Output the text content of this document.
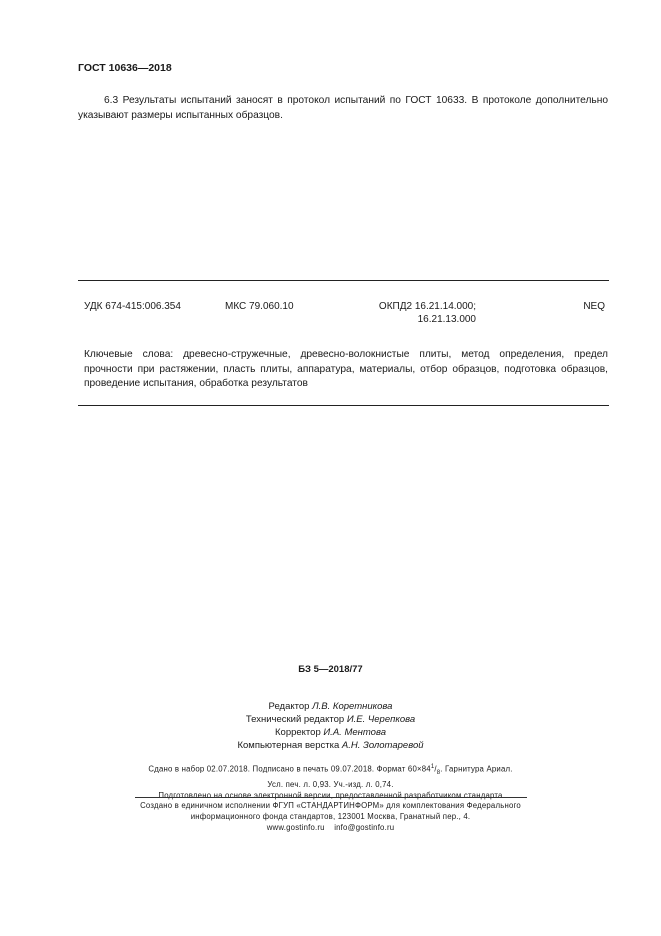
ГОСТ 10636—2018
6.3 Результаты испытаний заносят в протокол испытаний по ГОСТ 10633. В протоколе дополнительно указывают размеры испытанных образцов.
УДК 674-415:006.354	МКС 79.060.10	ОКПД2 16.21.14.000;
16.21.13.000
NEQ
Ключевые слова: древесно-стружечные, древесно-волокнистые плиты, метод определения, предел прочности при растяжении, пласть плиты, аппаратура, материалы, отбор образцов, подготовка образцов, проведение испытания, обработка результатов
БЗ 5—2018/77
Редактор Л.В. Коретникова
Технический редактор И.Е. Черепкова
Корректор И.А. Ментова
Компьютерная верстка А.Н. Золотаревой
Сдано в набор 02.07.2018. Подписано в печать 09.07.2018. Формат $60\times 84^1/_8$. Гарнитура Ариал.
Усл. печ. л. 0,93. Уч.-изд. л. 0,74.
Подготовлено на основе электронной версии, предоставленной разработчиком стандарта
Создано в единичном исполнении ФГУП «СТАНДАРТИНФОРМ» для комплектования Федерального
информационного фонда стандартов, 123001 Москва, Гранатный пер., 4.
www.gostinfo.ru info@gostinfo.ru
